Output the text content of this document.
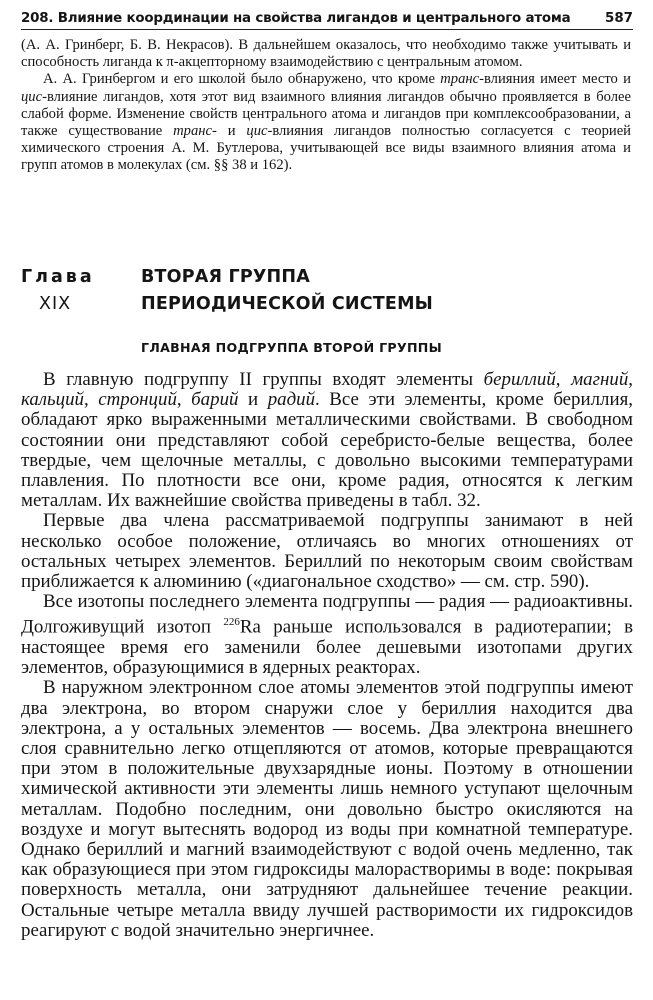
208. Влияние координации на свойства лигандов и центрального атома	587

(А. А. Гринберг, Б. В. Некрасов). В дальнейшем оказалось, что необходимо также учитывать и способность лиганда к π-акцепторному взаимодействию с центральным атомом.

А. А. Гринбергом и его школой было обнаружено, что кроме транс-влияния имеет место и цис-влияние лигандов, хотя этот вид взаимного влияния лигандов обычно проявляется в более слабой форме. Изменение свойств центрального атома и лигандов при комплексообразовании, а также существование транс- и цис-влияния лигандов полностью согласуется с теорией химического строения А. М. Бутлерова, учитывающей все виды взаимного влияния атома и групп атомов в молекулах (см. §§ 38 и 162).

Глава
XIX
ВТОРАЯ ГРУППА
ПЕРИОДИЧЕСКОЙ СИСТЕМЫ
ГЛАВНАЯ ПОДГРУППА ВТОРОЙ ГРУППЫ

В главную подгруппу II группы входят элементы бериллий, магний, кальций, стронций, барий и радий. Все эти элементы, кроме бериллия, обладают ярко выраженными металлическими свойствами. В свободном состоянии они представляют собой серебристо-белые вещества, более твердые, чем щелочные металлы, с довольно высокими температурами плавления. По плотности все они, кроме радия, относятся к легким металлам. Их важнейшие свойства приведены в табл. 32.

Первые два члена рассматриваемой подгруппы занимают в ней несколько особое положение, отличаясь во многих отношениях от остальных четырех элементов. Бериллий по некоторым своим свойствам приближается к алюминию («диагональное сходство» — см. стр. 590).

Все изотопы последнего элемента подгруппы — радия — радиоактивны. Долгоживущий изотоп $^{226}$Ra раньше использовался в радиотерапии; в настоящее время его заменили более дешевыми изотопами других элементов, образующимися в ядерных реакторах.

В наружном электронном слое атомы элементов этой подгруппы имеют два электрона, во втором снаружи слое у бериллия находится два электрона, а у остальных элементов — восемь. Два электрона внешнего слоя сравнительно легко отщепляются от атомов, которые превращаются при этом в положительные двухзарядные ионы. Поэтому в отношении химической активности эти элементы лишь немного уступают щелочным металлам. Подобно последним, они довольно быстро окисляются на воздухе и могут вытеснять водород из воды при комнатной температуре. Однако бериллий и магний взаимодействуют с водой очень медленно, так как образующиеся при этом гидроксиды малорастворимы в воде: покрывая поверхность металла, они затрудняют дальнейшее течение реакции. Остальные четыре металла ввиду лучшей растворимости их гидроксидов реагируют с водой значительно энергичнее.
